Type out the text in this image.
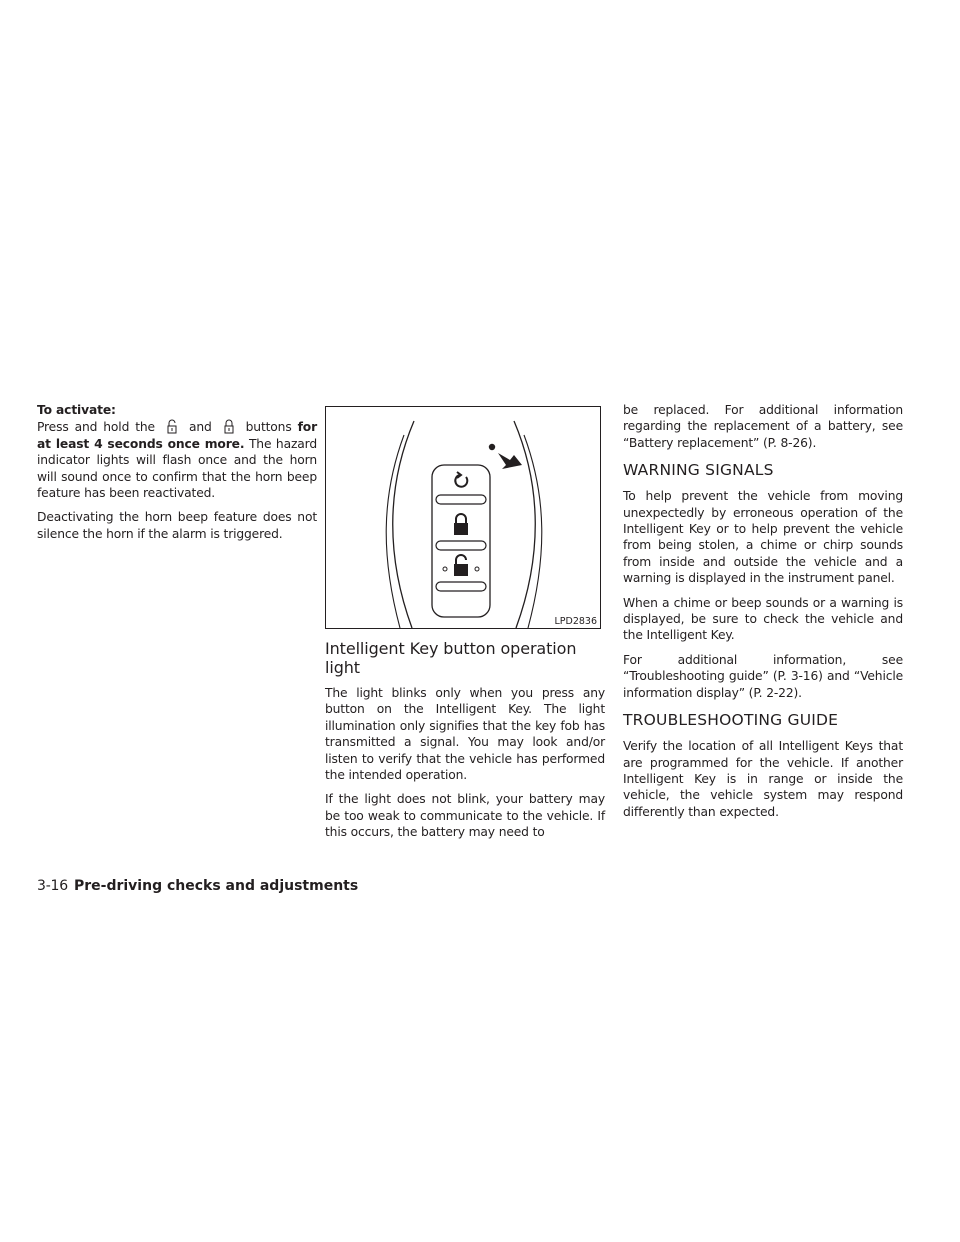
To activate:

Press and hold the	and	buttons for at least 4 seconds once more. The hazard indicator lights will flash once and the horn will sound once to confirm that the horn beep feature has been reactivated.

Deactivating the horn beep feature does not silence the horn if the alarm is triggered.

LPD2836
Intelligent Key button operation light

The light blinks only when you press any button on the Intelligent Key. The light illumination only signifies that the key fob has transmitted a signal. You may look and/or listen to verify that the vehicle has performed the intended operation.

If the light does not blink, your battery may be too weak to communicate to the vehicle. If this occurs, the battery may need to

be replaced. For additional information regarding the replacement of a battery, see “Battery replacement” (P. 8-26).

WARNING SIGNALS

To help prevent the vehicle from moving unexpectedly by erroneous operation of the Intelligent Key or to help prevent the vehicle from being stolen, a chime or chirp sounds from inside and outside the vehicle and a warning is displayed in the instrument panel.

When a chime or beep sounds or a warning is displayed, be sure to check the vehicle and the Intelligent Key.

For additional information, see “Troubleshooting guide” (P. 3-16) and “Vehicle information display” (P. 2-22).

TROUBLESHOOTING GUIDE

Verify the location of all Intelligent Keys that are programmed for the vehicle. If another Intelligent Key is in range or inside the vehicle, the vehicle system may respond differently than expected.

3-16 Pre-driving checks and adjustments
